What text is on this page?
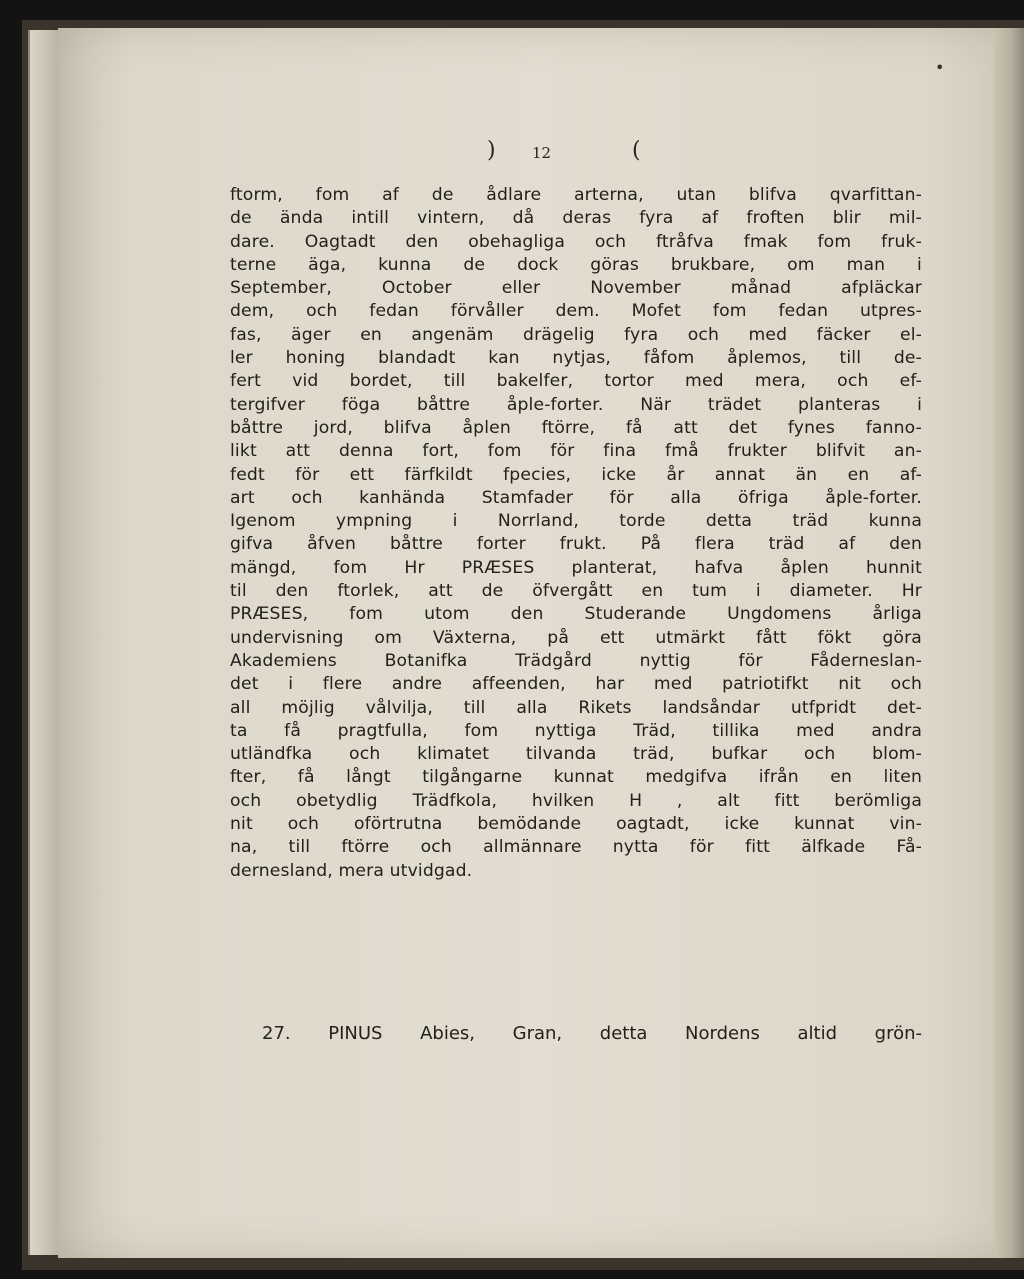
•
) 12	(
ftorm, fom af de ådlare arterna, utan blifva qvarfittan-
de ända intill vintern, då deras fyra af froften blir mil-
dare. Oagtadt den obehagliga och ftråfva fmak fom fruk-
terne äga, kunna de dock göras brukbare, om man i
September, October eller November månad afpläckar
dem, och fedan förvåller dem. Mofet fom fedan utpres-
fas, äger en angenäm drägelig fyra och med fäcker el-
ler honing blandadt kan nytjas, fåfom åplemos, till de-
fert vid bordet, till bakelfer, tortor med mera, och ef-
tergifver föga båttre åple-forter. När trädet planteras i
båttre jord, blifva åplen ftörre, få att det fynes fanno-
likt att denna fort, fom för fina fmå frukter blifvit an-
fedt för ett färfkildt fpecies, icke år annat än en af-
art och kanhända Stamfader för alla öfriga åple-forter.
Igenom ympning i Norrland, torde detta träd kunna
gifva åfven båttre forter frukt. På flera träd af den
mängd, fom Hr PRÆSES planterat, hafva åplen hunnit
til den ftorlek, att de öfvergått en tum i diameter. Hr
PRÆSES, fom utom den Studerande Ungdomens årliga
undervisning om Växterna, på ett utmärkt fått fökt göra
Akademiens Botanifka Trädgård nyttig för Fåderneslan-
det i flere andre affeenden, har med patriotifkt nit och
all möjlig vålvilja, till alla Rikets landsåndar utfpridt det-
ta få pragtfulla, fom nyttiga Träd, tillika med andra
utländfka och klimatet tilvanda träd, bufkar och blom-
fter, få långt tilgångarne kunnat medgifva ifrån en liten
och obetydlig Trädfkola, hvilken H , alt fitt berömliga
nit och oförtrutna bemödande oagtadt, icke kunnat vin-
na, till ftörre och allmännare nytta för fitt älfkade Få-
dernesland, mera utvidgad.
27. PINUS Abies, Gran, detta Nordens altid grön-
